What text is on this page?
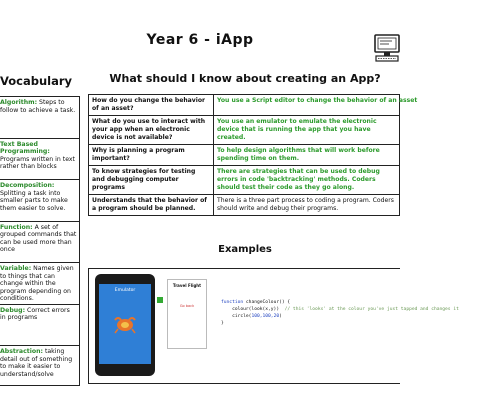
Year 6 - iApp
Vocabulary	What should I know about creating an App?
Algorithm: Steps to follow to achieve a task.
Text Based Programming: Programs written in text rather than blocks
Decomposition: Splitting a task into smaller parts to make them easier to solve.
Function: A set of grouped commands that can be used more than once
Variable: Names given to things that can change within the program depending on conditions.
Debug: Correct errors in programs
Abstraction: taking detail out of something to make it easier to understand/solve
How do you change the behavior of an asset?	You use a Script editor to change the behavior of an asset
What do you use to interact with your app when an electronic device is not available?	You use an emulator to emulate the electronic device that is running the app that you have created.
Why is planning a program important?	To help design algorithms that will work before spending time on them.
To know strategies for testing and debugging computer programs	There are strategies that can be used to debug errors in code 'backtracking' methods. Coders should test their code as they go along.
Understands that the behavior of a program should be planned.	There is a three part process to coding a program. Coders should write and debug their programs.
Examples
Emulator
Travel Flight
Go back
function changeColour() {
colour(look(x,y))  // this 'looks' at the colour you've just tapped and changes it
circle(100,100,20)
}
